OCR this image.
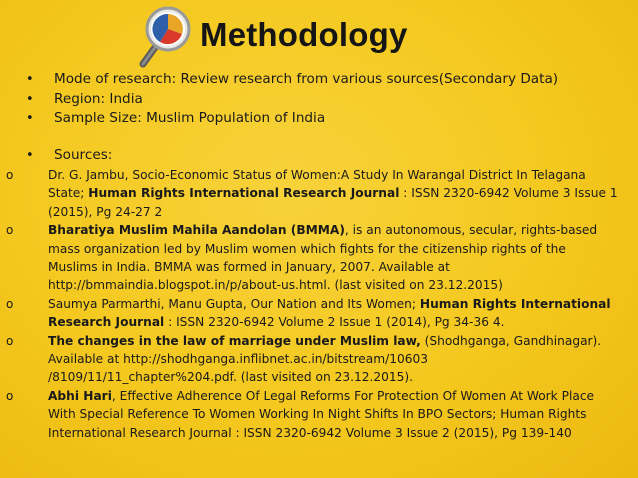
Methodology
•	Mode of research: Review research from various sources(Secondary Data)
•	Region: India
•	Sample Size: Muslim Population of India
•	Sources:
o	Dr. G. Jambu, Socio-Economic Status of Women:A Study In Warangal District In Telagana
State; Human Rights International Research Journal : ISSN 2320-6942 Volume 3 Issue 1
(2015), Pg 24-27 2
o	Bharatiya Muslim Mahila Aandolan (BMMA), is an autonomous, secular, rights-based
mass organization led by Muslim women which fights for the citizenship rights of the
Muslims in India. BMMA was formed in January, 2007. Available at
http://bmmaindia.blogspot.in/p/about-us.html. (last visited on 23.12.2015)
o	Saumya Parmarthi, Manu Gupta, Our Nation and Its Women; Human Rights International
Research Journal : ISSN 2320-6942 Volume 2 Issue 1 (2014), Pg 34-36 4.
o	The changes in the law of marriage under Muslim law, (Shodhganga, Gandhinagar).
Available at http://shodhganga.inflibnet.ac.in/bitstream/10603
/8109/11/11_chapter%204.pdf. (last visited on 23.12.2015).
o	Abhi Hari, Effective Adherence Of Legal Reforms For Protection Of Women At Work Place
With Special Reference To Women Working In Night Shifts In BPO Sectors; Human Rights
International Research Journal : ISSN 2320-6942 Volume 3 Issue 2 (2015), Pg 139-140
